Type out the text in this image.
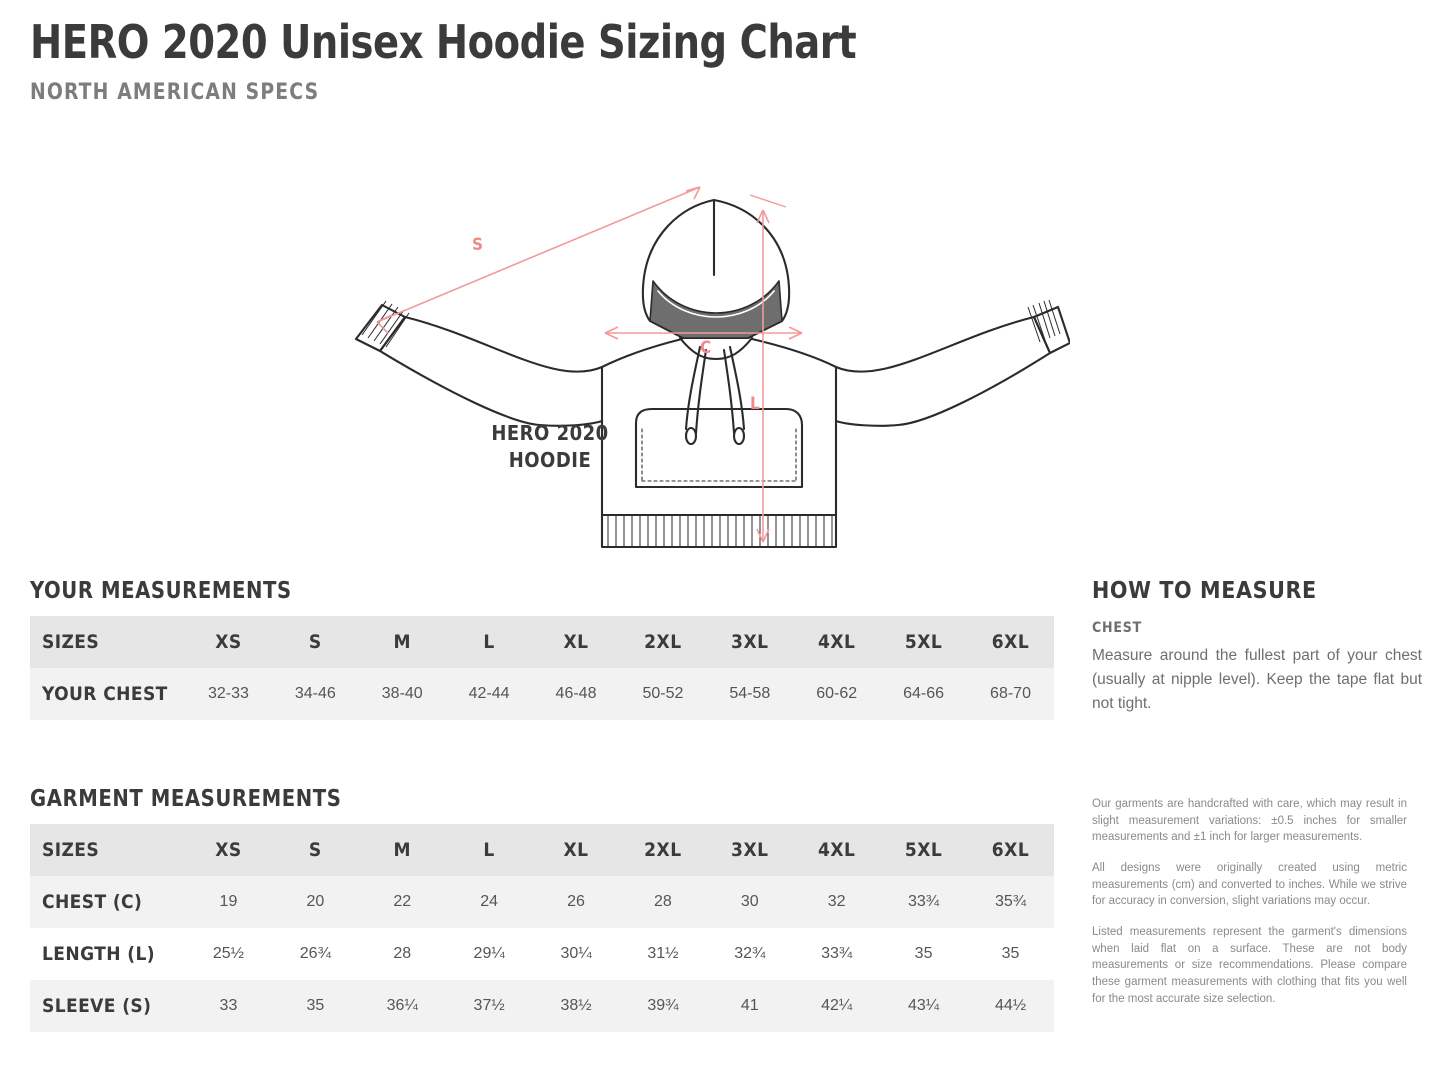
HERO 2020 Unisex Hoodie Sizing Chart
NORTH AMERICAN SPECS
S
C
L
HERO 2020
HOODIE
YOUR MEASUREMENTS
SIZES	XS	S	M	L	XL	2XL	3XL	4XL	5XL	6XL
YOUR CHEST	32-33	34-46	38-40	42-44	46-48	50-52	54-58	60-62	64-66	68-70
GARMENT MEASUREMENTS
SIZES	XS	S	M	L	XL	2XL	3XL	4XL	5XL	6XL
CHEST (C)	19	20	22	24	26	28	30	32	33¾	35¾
LENGTH (L)	25½	26¾	28	29¼	30¼	31½	32¾	33¾	35	35
SLEEVE (S)	33	35	36¼	37½	38½	39¾	41	42¼	43¼	44½
HOW TO MEASURE
CHEST
Measure around the fullest part of your chest (usually at nipple level). Keep the tape flat but not tight.

Our garments are handcrafted with care, which may result in slight measurement variations: ±0.5 inches for smaller measurements and ±1 inch for larger measurements.

All designs were originally created using metric measurements (cm) and converted to inches. While we strive for accuracy in conversion, slight variations may occur.

Listed measurements represent the garment's dimensions when laid flat on a surface. These are not body measurements or size recommendations. Please compare these garment measurements with clothing that fits you well for the most accurate size selection.
